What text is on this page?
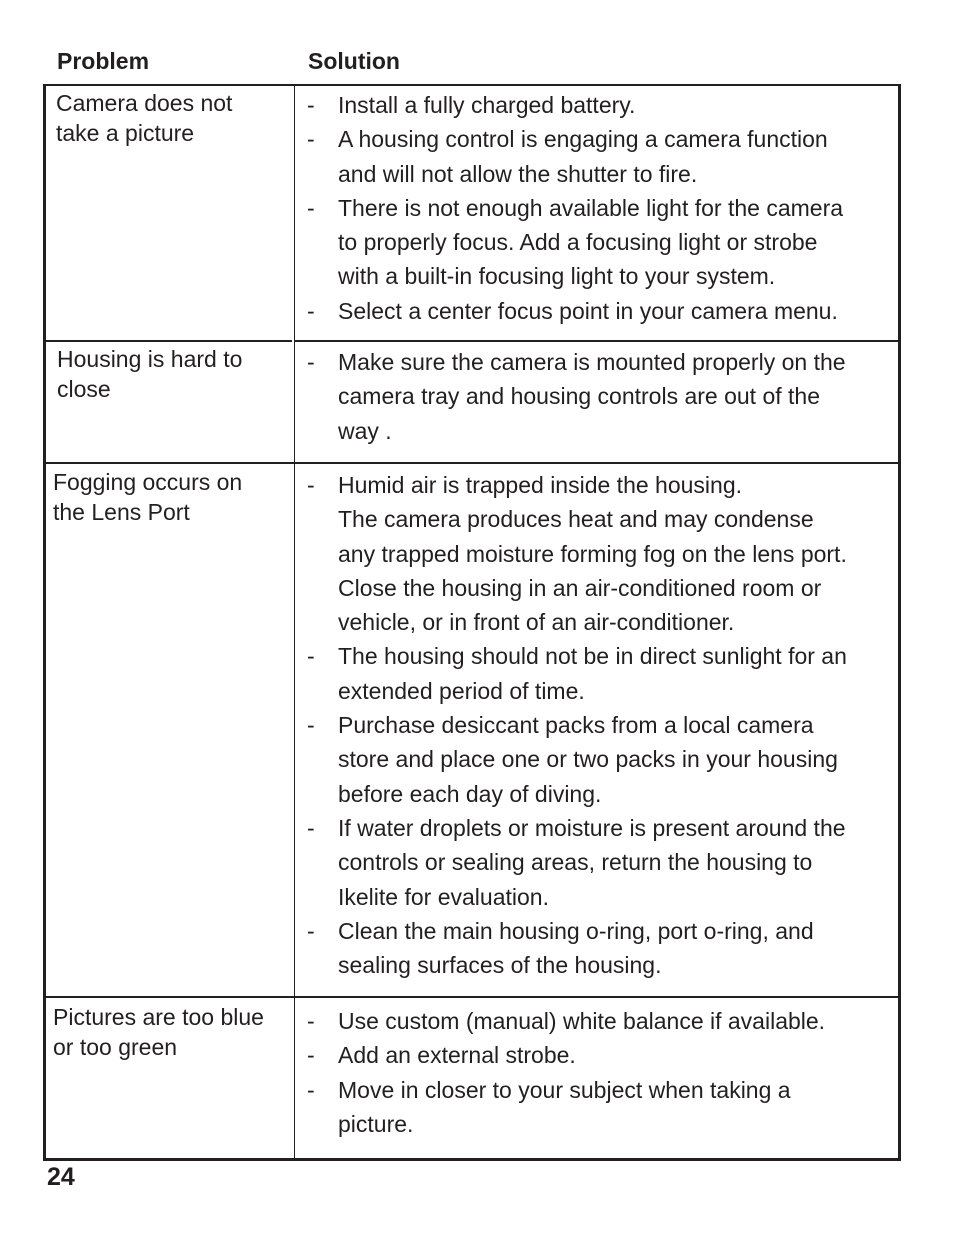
Problem	Solution
Camera does not
take a picture
- Install a fully charged battery.
- A housing control is engaging a camera function
and will not allow the shutter to fire.
- There is not enough available light for the camera
to properly focus. Add a focusing light or strobe
with a built-in focusing light to your system.
- Select a center focus point in your camera menu.
Housing is hard to
close
- Make sure the camera is mounted properly on the
camera tray and housing controls are out of the
way .
Fogging occurs on
the Lens Port
- Humid air is trapped inside the housing.
The camera produces heat and may condense
any trapped moisture forming fog on the lens port.
Close the housing in an air-conditioned room or
vehicle, or in front of an air-conditioner.
- The housing should not be in direct sunlight for an
extended period of time.
- Purchase desiccant packs from a local camera
store and place one or two packs in your housing
before each day of diving.
- If water droplets or moisture is present around the
controls or sealing areas, return the housing to
Ikelite for evaluation.
- Clean the main housing o-ring, port o-ring, and
sealing surfaces of the housing.
Pictures are too blue
or too green
- Use custom (manual) white balance if available.
- Add an external strobe.
- Move in closer to your subject when taking a
picture.
24
